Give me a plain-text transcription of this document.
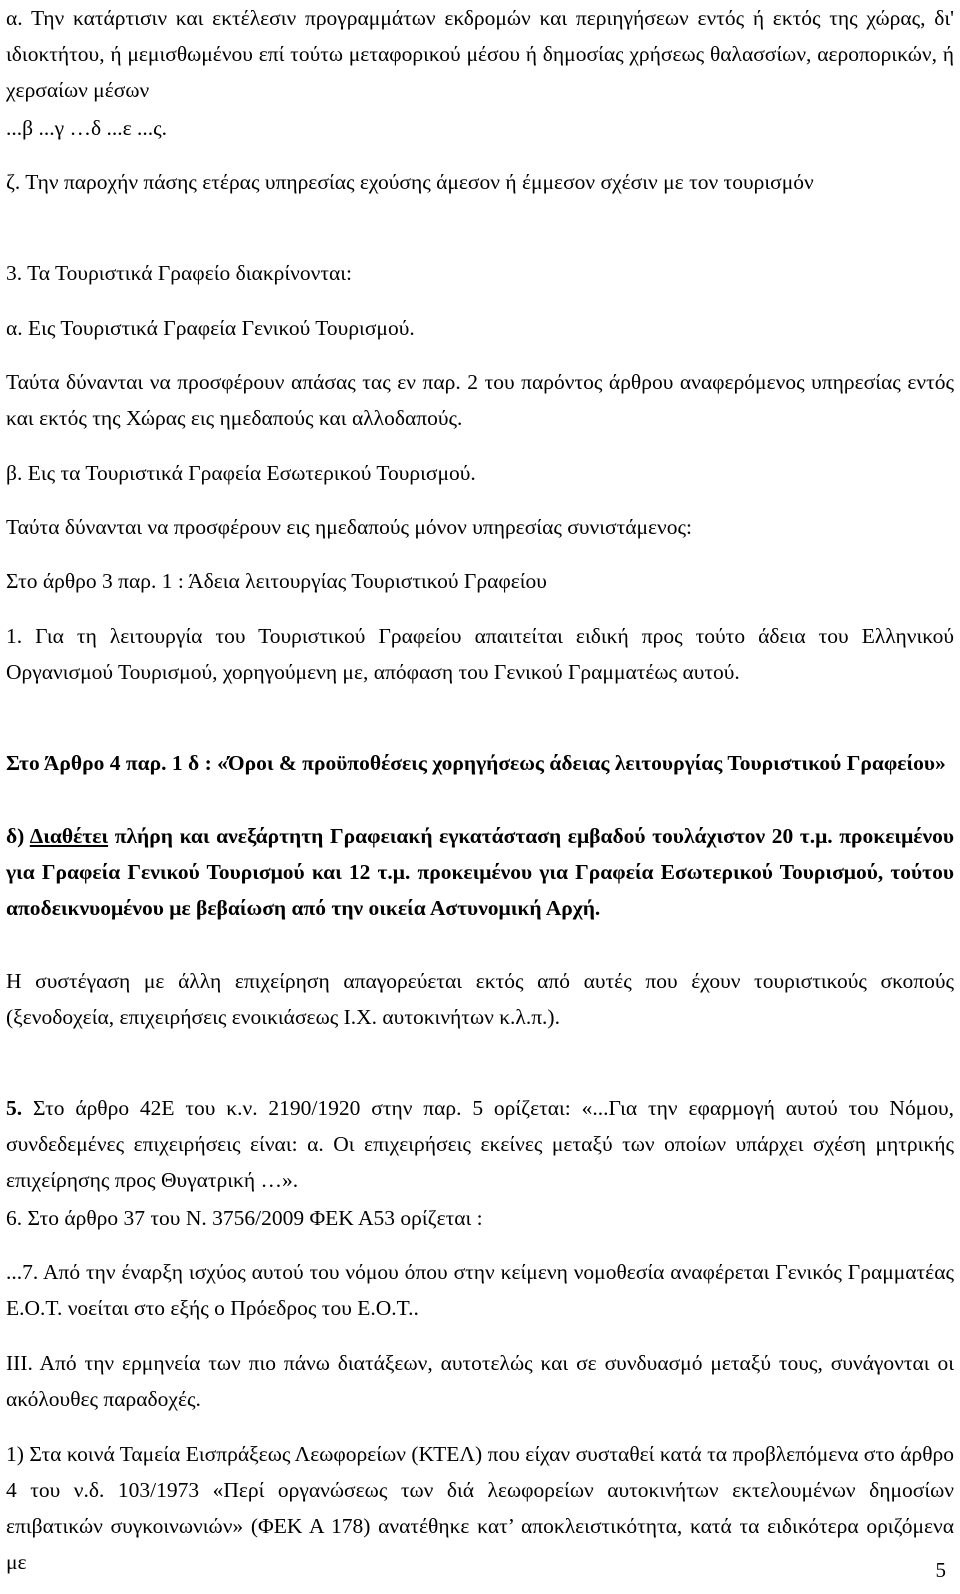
α. Την κατάρτισιν και εκτέλεσιν προγραμμάτων εκδρομών και περιηγήσεων εντός ή εκτός της χώρας, δι' ιδιοκτήτου, ή μεμισθωμένου επί τούτω μεταφορικού μέσου ή δημοσίας χρήσεως θαλασσίων, αεροπορικών, ή χερσαίων μέσων

...β ...γ …δ ...ε ...ς.

ζ. Την παροχήν πάσης ετέρας υπηρεσίας εχούσης άμεσον ή έμμεσον σχέσιν με τον τουρισμόν

3. Τα Τουριστικά Γραφείο διακρίνονται:

α. Εις Τουριστικά Γραφεία Γενικού Τουρισμού.

Ταύτα δύνανται να προσφέρουν απάσας τας εν παρ. 2 του παρόντος άρθρου αναφερόμενος υπηρεσίας εντός και εκτός της Χώρας εις ημεδαπούς και αλλοδαπούς.

β. Εις τα Τουριστικά Γραφεία Εσωτερικού Τουρισμού.

Ταύτα δύνανται να προσφέρουν εις ημεδαπούς μόνον υπηρεσίας συνιστάμενος:

Στο άρθρο 3 παρ. 1 : Άδεια λειτουργίας Τουριστικού Γραφείου

1. Για τη λειτουργία του Τουριστικού Γραφείου απαιτείται ειδική προς τούτο άδεια του Ελληνικού Οργανισμού Τουρισμού, χορηγούμενη με, απόφαση του Γενικού Γραμματέως αυτού.

Στο Άρθρο 4 παρ. 1 δ : «Όροι & προϋποθέσεις χορηγήσεως άδειας λειτουργίας Τουριστικού Γραφείου»

δ) Διαθέτει πλήρη και ανεξάρτητη Γραφειακή εγκατάσταση εμβαδού τουλάχιστον 20 τ.μ. προκειμένου για Γραφεία Γενικού Τουρισμού και 12 τ.μ. προκειμένου για Γραφεία Εσωτερικού Τουρισμού, τούτου αποδεικνυομένου με βεβαίωση από την οικεία Αστυνομική Αρχή.

Η συστέγαση με άλλη επιχείρηση απαγορεύεται εκτός από αυτές που έχουν τουριστικούς σκοπούς (ξενοδοχεία, επιχειρήσεις ενοικιάσεως Ι.Χ. αυτοκινήτων κ.λ.π.).

5. Στο άρθρο 42Ε του κ.ν. 2190/1920 στην παρ. 5 ορίζεται: «...Για την εφαρμογή αυτού του Νόμου, συνδεδεμένες επιχειρήσεις είναι: α. Οι επιχειρήσεις εκείνες μεταξύ των οποίων υπάρχει σχέση μητρικής επιχείρησης προς Θυγατρική …».

6. Στο άρθρο 37 του Ν. 3756/2009 ΦΕΚ Α53 ορίζεται :

...7. Από την έναρξη ισχύος αυτού του νόμου όπου στην κείμενη νομοθεσία αναφέρεται Γενικός Γραμματέας Ε.Ο.Τ. νοείται στο εξής ο Πρόεδρος του Ε.Ο.Τ..

ΙΙΙ. Από την ερμηνεία των πιο πάνω διατάξεων, αυτοτελώς και σε συνδυασμό μεταξύ τους, συνάγονται οι ακόλουθες παραδοχές.

1) Στα κοινά Ταμεία Εισπράξεως Λεωφορείων (ΚΤΕΛ) που είχαν συσταθεί κατά τα προβλεπόμενα στο άρθρο 4 του ν.δ. 103/1973 «Περί οργανώσεως των διά λεωφορείων αυτοκινήτων εκτελουμένων δημοσίων επιβατικών συγκοινωνιών» (ΦΕΚ Α 178) ανατέθηκε κατ’ αποκλειστικότητα, κατά τα ειδικότερα οριζόμενα με	5
